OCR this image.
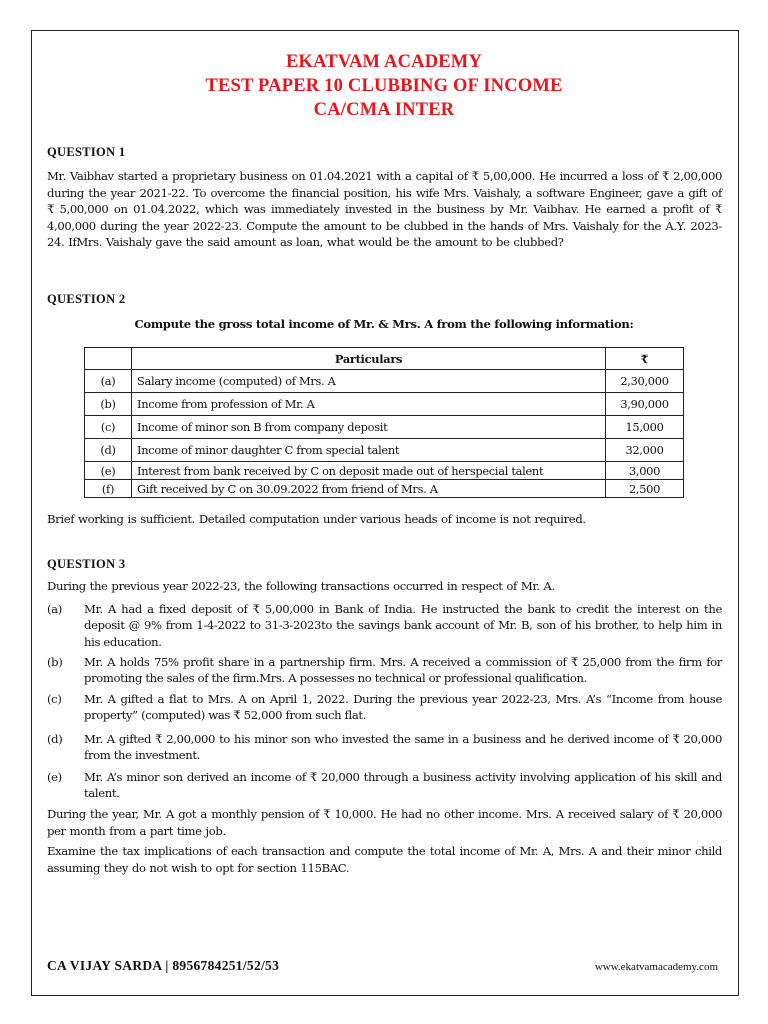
EKATVAM ACADEMY
TEST PAPER 10 CLUBBING OF INCOME
CA/CMA INTER
QUESTION 1
Mr. Vaibhav started a proprietary business on 01.04.2021 with a capital of ₹ 5,00,000. He incurred a loss of ₹ 2,00,000 during the year 2021-22. To overcome the financial position, his wife Mrs. Vaishaly, a software Engineer, gave a gift of ₹ 5,00,000 on 01.04.2022, which was immediately invested in the business by Mr. Vaibhav. He earned a profit of ₹ 4,00,000 during the year 2022-23. Compute the amount to be clubbed in the hands of Mrs. Vaishaly for the A.Y. 2023-24. IfMrs. Vaishaly gave the said amount as loan, what would be the amount to be clubbed?
QUESTION 2
Compute the gross total income of Mr. & Mrs. A from the following information:
	Particulars	₹
(a)	Salary income (computed) of Mrs. A	2,30,000
(b)	Income from profession of Mr. A	3,90,000
(c)	Income of minor son B from company deposit	15,000
(d)	Income of minor daughter C from special talent	32,000
(e)	Interest from bank received by C on deposit made out of herspecial talent	3,000
(f)	Gift received by C on 30.09.2022 from friend of Mrs. A	2,500
Brief working is sufficient. Detailed computation under various heads of income is not required.
QUESTION 3
During the previous year 2022-23, the following transactions occurred in respect of Mr. A.
(a) Mr. A had a fixed deposit of ₹ 5,00,000 in Bank of India. He instructed the bank to credit the interest on the deposit @ 9% from 1-4-2022 to 31-3-2023to the savings bank account of Mr. B, son of his brother, to help him in his education.
(b) Mr. A holds 75% profit share in a partnership firm. Mrs. A received a commission of ₹ 25,000 from the firm for promoting the sales of the firm.Mrs. A possesses no technical or professional qualification.
(c) Mr. A gifted a flat to Mrs. A on April 1, 2022. During the previous year 2022-23, Mrs. A’s “Income from house property” (computed) was ₹ 52,000 from such flat.
(d) Mr. A gifted ₹ 2,00,000 to his minor son who invested the same in a business and he derived income of ₹ 20,000 from the investment.
(e) Mr. A’s minor son derived an income of ₹ 20,000 through a business activity involving application of his skill and talent.
During the year, Mr. A got a monthly pension of ₹ 10,000. He had no other income. Mrs. A received salary of ₹ 20,000 per month from a part time job.
Examine the tax implications of each transaction and compute the total income of Mr. A, Mrs. A and their minor child assuming they do not wish to opt for section 115BAC.
CA VIJAY SARDA | 8956784251/52/53	www.ekatvamacademy.com
